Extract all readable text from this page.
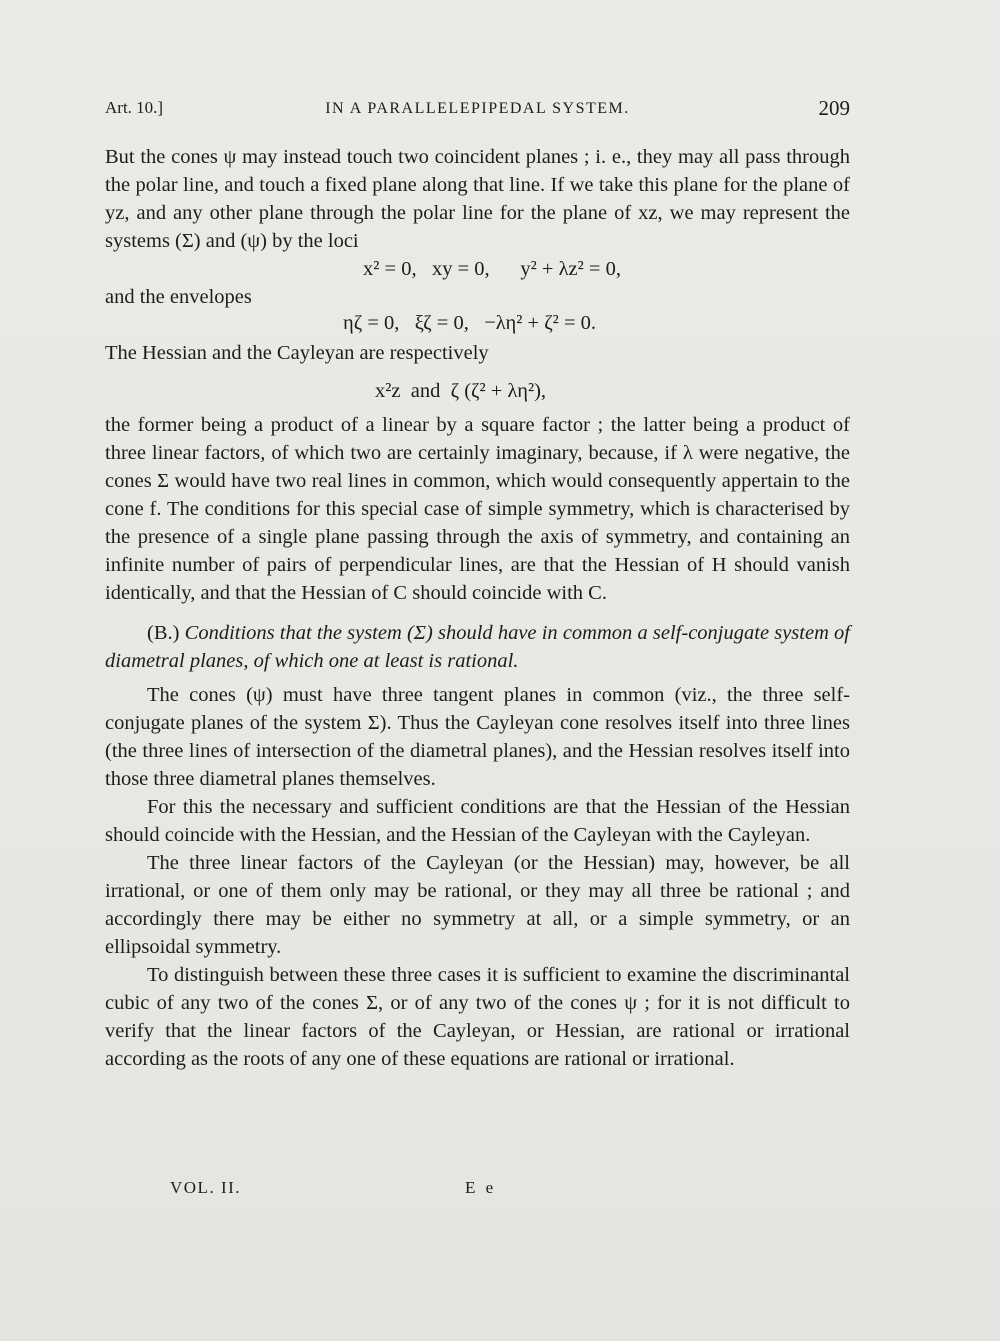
Art. 10.]	IN A PARALLELEPIPEDAL SYSTEM.	209

But the cones ψ may instead touch two coincident planes ; i. e., they may all pass through the polar line, and touch a fixed plane along that line. If we take this plane for the plane of yz, and any other plane through the polar line for the plane of xz, we may represent the systems (Σ) and (ψ) by the loci

x² = 0,   xy = 0,      y² + λz² = 0,
and the envelopes
ηζ = 0,   ξζ = 0,   −λη² + ζ² = 0.

The Hessian and the Cayleyan are respectively

x²z  and  ζ (ζ² + λη²),

the former being a product of a linear by a square factor ; the latter being a product of three linear factors, of which two are certainly imaginary, because, if λ were negative, the cones Σ would have two real lines in common, which would consequently appertain to the cone f. The conditions for this special case of simple symmetry, which is characterised by the presence of a single plane passing through the axis of symmetry, and containing an infinite number of pairs of perpendicular lines, are that the Hessian of H should vanish identically, and that the Hessian of C should coincide with C.

(B.) Conditions that the system (Σ) should have in common a self-conjugate system of diametral planes, of which one at least is rational.

The cones (ψ) must have three tangent planes in common (viz., the three self-conjugate planes of the system Σ). Thus the Cayleyan cone resolves itself into three lines (the three lines of intersection of the diametral planes), and the Hessian resolves itself into those three diametral planes themselves.

For this the necessary and sufficient conditions are that the Hessian of the Hessian should coincide with the Hessian, and the Hessian of the Cayleyan with the Cayleyan.

The three linear factors of the Cayleyan (or the Hessian) may, however, be all irrational, or one of them only may be rational, or they may all three be rational ; and accordingly there may be either no symmetry at all, or a simple symmetry, or an ellipsoidal symmetry.

To distinguish between these three cases it is sufficient to examine the discriminantal cubic of any two of the cones Σ, or of any two of the cones ψ ; for it is not difficult to verify that the linear factors of the Cayleyan, or Hessian, are rational or irrational according as the roots of any one of these equations are rational or irrational.

VOL. II.	E e
